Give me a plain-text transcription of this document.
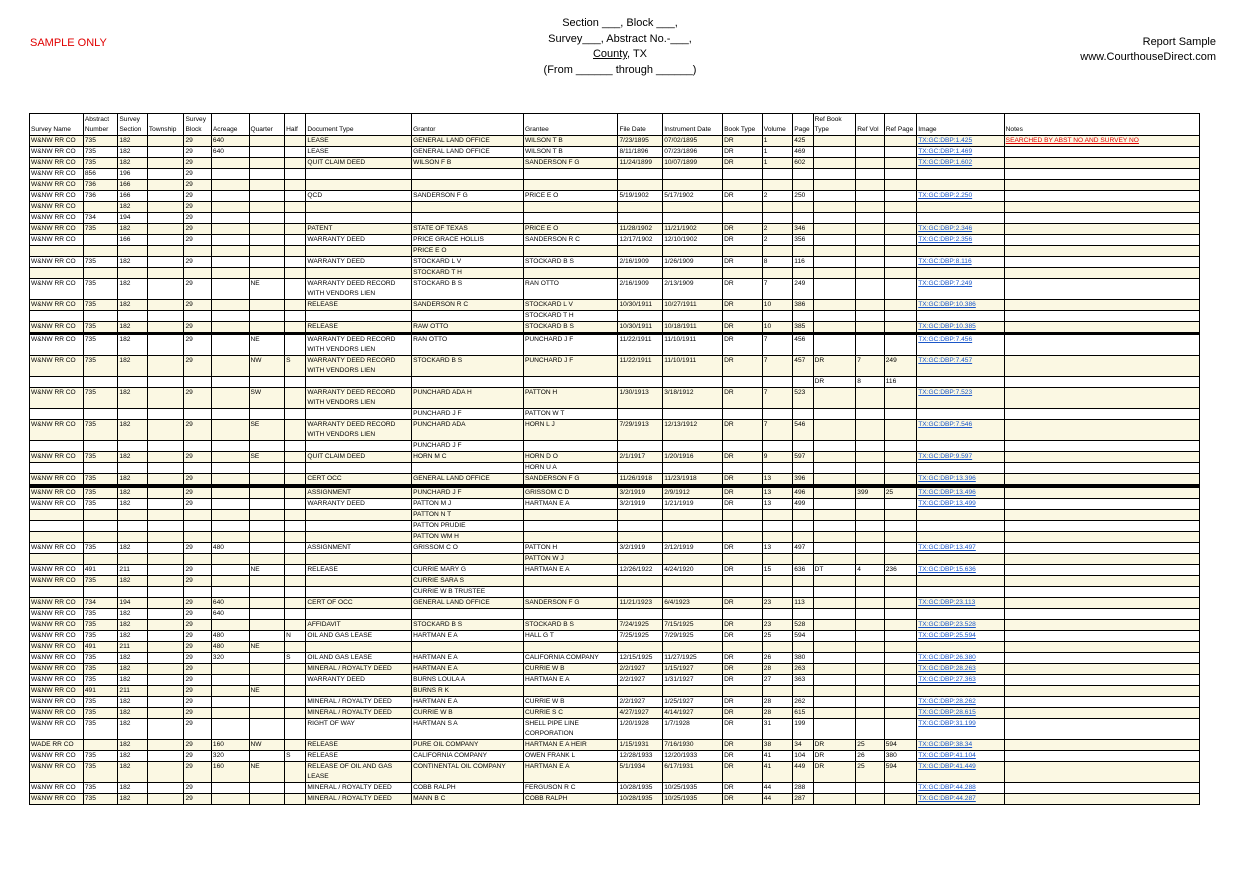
SAMPLE ONLY
Section ___, Block ___,
Survey___, Abstract No.-___,
County, TX
(From ______ through ______)
Report Sample
www.CourthouseDirect.com
Survey Name	Abstract Number	Survey Section	Township	Survey Block	Acreage	Quarter	Half	Document Type	Grantor	Grantee	File Date	Instrument Date	Book Type	Volume	Page	Ref Book Type	Ref Vol	Ref Page	Image	Notes
W&NW RR CO	735	182		29	640			LEASE	GENERAL LAND OFFICE	WILSON T B	7/23/1895	07/02/1895	DR	1	425				TX:GC:DBP:1.425	SEARCHED BY ABST NO AND SURVEY NO
W&NW RR CO	735	182		29	640			LEASE	GENERAL LAND OFFICE	WILSON T B	8/11/1896	07/23/1896	DR	1	469				TX:GC:DBP:1.469	
W&NW RR CO	735	182		29				QUIT CLAIM DEED	WILSON F B	SANDERSON F G	11/24/1899	10/07/1899	DR	1	602				TX:GC:DBP:1.602	
W&NW RR CO	856	196		29																
W&NW RR CO	736	166		29																
W&NW RR CO	736	166		29				QCD	SANDERSON F G	PRICE E O	5/19/1902	5/17/1902	DR	2	250				TX:GC:DBP:2.250	
W&NW RR CO		182		29																
W&NW RR CO	734	194		29																
W&NW RR CO	735	182		29				PATENT	STATE OF TEXAS	PRICE E O	11/28/1902	11/21/1902	DR	2	346				TX:GC:DBP:2.346	
W&NW RR CO		166		29				WARRANTY DEED	PRICE GRACE HOLLIS	SANDERSON R C	12/17/1902	12/10/1902	DR	2	356				TX:GC:DBP:2.356	
									PRICE E O											
W&NW RR CO	735	182		29				WARRANTY DEED	STOCKARD L V	STOCKARD B S	2/16/1909	1/26/1909	DR	8	116				TX:GC:DBP:8.116	
									STOCKARD T H											
W&NW RR CO	735	182		29		NE		WARRANTY DEED RECORD WITH VENDORS LIEN	STOCKARD B S	RAN OTTO	2/16/1909	2/13/1909	DR	7	249				TX:GC:DBP:7.249	
W&NW RR CO	735	182		29				RELEASE	SANDERSON R C	STOCKARD L V	10/30/1911	10/27/1911	DR	10	386				TX:GC:DBP:10.386	
										STOCKARD T H										
W&NW RR CO	735	182		29				RELEASE	RAW OTTO	STOCKARD B S	10/30/1911	10/18/1911	DR	10	385				TX:GC:DBP:10.385	

W&NW RR CO	735	182		29		NE		WARRANTY DEED RECORD WITH VENDORS LIEN	RAN OTTO	PUNCHARD J F	11/22/1911	11/10/1911	DR	7	456				TX:GC:DBP:7.456	
W&NW RR CO	735	182		29		NW	S	WARRANTY DEED RECORD WITH VENDORS LIEN	STOCKARD B S	PUNCHARD J F	11/22/1911	11/10/1911	DR	7	457	DR	7	249	TX:GC:DBP:7.457	
																DR	8	116		
W&NW RR CO	735	182		29		SW		WARRANTY DEED RECORD WITH VENDORS LIEN	PUNCHARD ADA H	PATTON H	1/30/1913	3/18/1912	DR	7	523				TX:GC:DBP:7.523	
									PUNCHARD J F	PATTON W T										
W&NW RR CO	735	182		29		SE		WARRANTY DEED RECORD WITH VENDORS LIEN	PUNCHARD ADA	HORN L J	7/29/1913	12/13/1912	DR	7	546				TX:GC:DBP:7.546	
									PUNCHARD J F											
W&NW RR CO	735	182		29		SE		QUIT CLAIM DEED	HORN M C	HORN D O	2/1/1917	1/20/1916	DR	9	597				TX:GC:DBP:9.597	
										HORN U A										
W&NW RR CO	735	182		29				CERT OCC	GENERAL LAND OFFICE	SANDERSON F G	11/26/1918	11/23/1918	DR	13	396				TX:GC:DBP:13.396	

W&NW RR CO	735	182		29				ASSIGNMENT	PUNCHARD J F	GRISSOM C D	3/2/1919	2/9/1912	DR	13	496		399	25	TX:GC:DBP:13.496	
W&NW RR CO	735	182		29				WARRANTY DEED	PATTON M J	HARTMAN E A	3/2/1919	1/21/1919	DR	13	499				TX:GC:DBP:13.499	
									PATTON N T											
									PATTON PRUDIE											
									PATTON WM H											
W&NW RR CO	735	182		29	480			ASSIGNMENT	GRISSOM C O	PATTON H	3/2/1919	2/12/1919	DR	13	497				TX:GC:DBP:13.497	
										PATTON W J										
W&NW RR CO	491	211		29		NE		RELEASE	CURRIE MARY G	HARTMAN E A	12/26/1922	4/24/1920	DR	15	636	DT	4	236	TX:GC:DBP:15.636	
W&NW RR CO	735	182		29					CURRIE SARA S											
									CURRIE W B TRUSTEE											
W&NW RR CO	734	194		29	640			CERT OF OCC	GENERAL LAND OFFICE	SANDERSON F G	11/21/1923	6/4/1923	DR	23	113				TX:GC:DBP:23.113	
W&NW RR CO	735	182		29	640															
W&NW RR CO	735	182		29				AFFIDAVIT	STOCKARD B S	STOCKARD B S	7/24/1925	7/15/1925	DR	23	528				TX:GC:DBP:23.528	
W&NW RR CO	735	182		29	480		N	OIL AND GAS LEASE	HARTMAN E A	HALL G T	7/25/1925	7/29/1925	DR	25	594				TX:GC:DBP:25.594	
W&NW RR CO	491	211		29	480	NE														
W&NW RR CO	735	182		29	320		S	OIL AND GAS LEASE	HARTMAN E A	CALIFORNIA COMPANY	12/15/1925	11/27/1925	DR	26	380				TX:GC:DBP:26.380	
W&NW RR CO	735	182		29				MINERAL / ROYALTY DEED	HARTMAN E A	CURRIE W B	2/2/1927	1/15/1927	DR	28	263				TX:GC:DBP:28.263	
W&NW RR CO	735	182		29				WARRANTY DEED	BURNS LOULA A	HARTMAN E A	2/2/1927	1/31/1927	DR	27	363				TX:GC:DBP:27.363	
W&NW RR CO	491	211		29		NE			BURNS R K											
W&NW RR CO	735	182		29				MINERAL / ROYALTY DEED	HARTMAN E A	CURRIE W B	2/2/1927	1/25/1927	DR	28	262				TX:GC:DBP:28.262	
W&NW RR CO	735	182		29				MINERAL / ROYALTY DEED	CURRIE W B	CURRIE S C	4/27/1927	4/14/1927	DR	28	615				TX:GC:DBP:28.615	
W&NW RR CO	735	182		29				RIGHT OF WAY	HARTMAN S A	SHELL PIPE LINE CORPORATION	1/20/1928	1/7/1928	DR	31	199				TX:GC:DBP:31.199	
WADE RR CO		182		29	160	NW		RELEASE	PURE OIL COMPANY	HARTMAN E A HEIR	1/15/1931	7/16/1930	DR	38	34	DR	25	594	TX:GC:DBP:38.34	
W&NW RR CO	735	182		29	320		S	RELEASE	CALIFORNIA COMPANY	OWEN FRANK L	12/28/1933	12/20/1933	DR	41	104	DR	26	380	TX:GC:DBP:41.104	
W&NW RR CO	735	182		29	160	NE		RELEASE OF OIL AND GAS LEASE	CONTINENTAL OIL COMPANY	HARTMAN E A	5/1/1934	6/17/1931	DR	41	449	DR	25	594	TX:GC:DBP:41.449	
W&NW RR CO	735	182		29				MINERAL / ROYALTY DEED	COBB RALPH	FERGUSON R C	10/28/1935	10/25/1935	DR	44	288				TX:GC:DBP:44.288	
W&NW RR CO	735	182		29				MINERAL / ROYALTY DEED	MANN B C	COBB RALPH	10/28/1935	10/25/1935	DR	44	287				TX:GC:DBP:44.287	
